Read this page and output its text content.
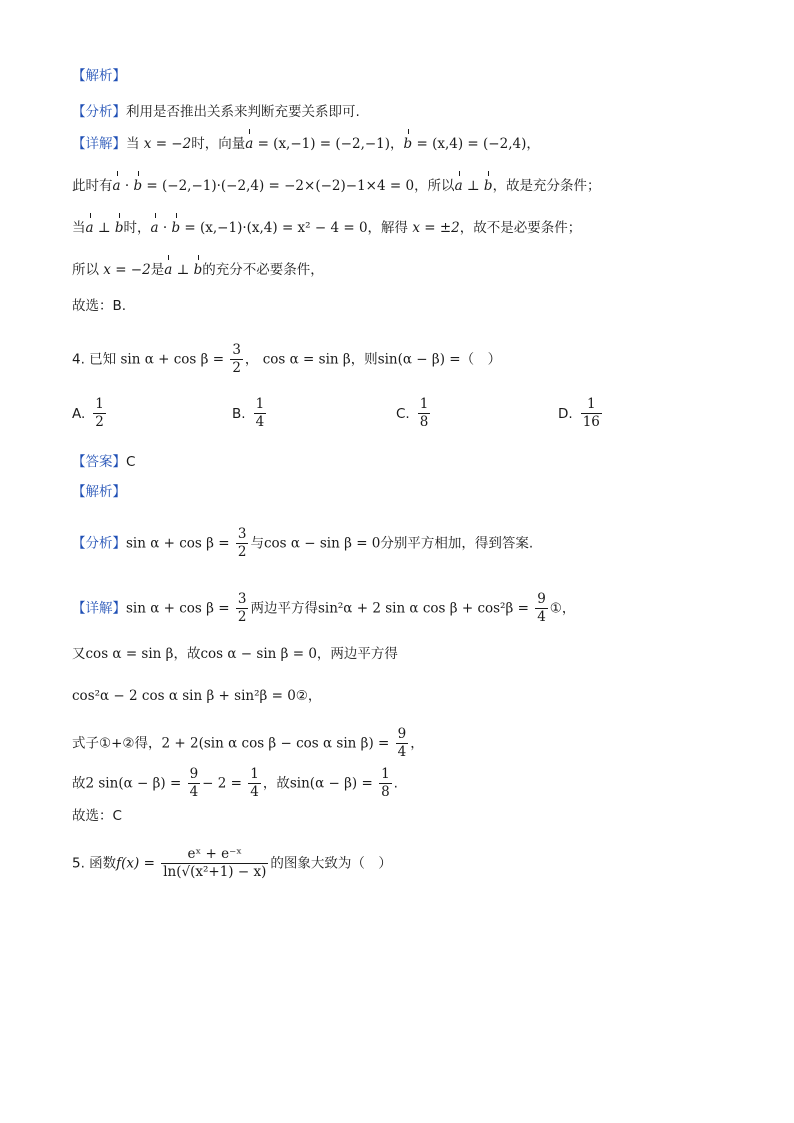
【解析】
【分析】利用是否推出关系来判断充要关系即可.
【详解】当 x = −2时，向量a = (x,−1) = (−2,−1)，b = (x,4) = (−2,4)，
此时有a · b = (−2,−1)·(−2,4) = −2×(−2)−1×4 = 0，所以a ⊥ b，故是充分条件；
当a ⊥ b时，a · b = (x,−1)·(x,4) = x² − 4 = 0，解得 x = ±2，故不是必要条件；
所以 x = −2是a ⊥ b的充分不必要条件，
故选：B.
4. 已知 $\sin \alpha + \cos \beta = \frac{3}{2}$ ， cos α = sin β，则sin(α − β) =（　）
A. $\frac{1}{2}$	B. $\frac{1}{4}$	C. $\frac{1}{8}$	D. $\frac{1}{16}$
【答案】C
【解析】
【分析】$\sin \alpha + \cos \beta = \frac{3}{2}$ 与cos α − sin β = 0分别平方相加，得到答案.
【详解】$\sin \alpha + \cos \beta = \frac{3}{2}$ 两边平方得sin²α + 2 sin α $\cos \beta + \cos^2\beta = \frac{9}{4}$ ①，
又cos α = sin β，故cos α − sin β = 0，两边平方得
cos²α − 2 cos α sin β + sin²β = 0②，
式子①+②得，2 + 2(sin α cos β − cos α $\sin \beta) = \frac{9}{4}$ ，
故2 $\sin(\alpha - \beta) = \frac{9}{4} - 2 = \frac{1}{4}$ ，故$\sin(\alpha - \beta) = \frac{1}{8}$ .
故选：C
5. 函数$f(x) = \frac{\text{eˣ + e⁻ˣ}}{\text{ln(√(x²+1) − x)}}$ 的图象大致为（　）
